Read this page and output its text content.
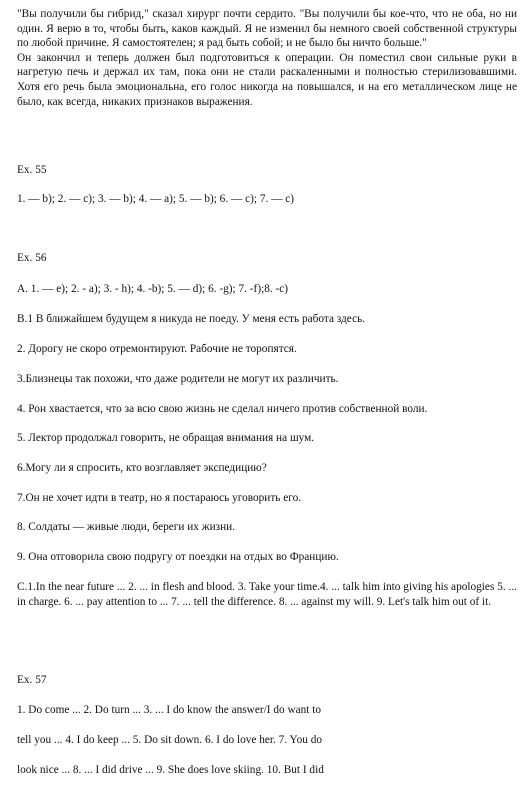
"Вы получили бы гибрид," сказал хирург почти сердито. "Вы получили бы кое-что, что не оба, но ни один. Я верю в то, чтобы быть, каков каждый. Я не изменил бы немного своей собственной структуры по любой причине. Я самостоятелен; я рад быть собой; и не было бы ничто больше."

Он закончил и теперь должен был подготовиться к операции. Он поместил свои сильные руки в нагретую печь и держал их там, пока они не стали раскаленными и полностью стерилизовавшими. Хотя его речь была эмоциональна, его голос никогда на повышался, и на его металлическом лице не было, как всегда, никаких признаков выражения.

Ex. 55
1. — b); 2. — c); 3. — b); 4. — a); 5. — b); 6. — c); 7. — c)
Ex. 56
A. 1. — e); 2. - a); 3. - h); 4. -b); 5. — d); 6. -g); 7. -f);8. -c)
B.1 В ближайшем будущем я никуда не поеду. У меня есть работа здесь.
2. Дорогу не скоро отремонтируют. Рабочие не торопятся.
3.Близнецы так похожи, что даже родители не могут их различить.
4. Рон хвастается, что за всю свою жизнь не сделал ничего против собственной воли.
5. Лектор продолжал говорить, не обращая внимания на шум.
6.Могу ли я спросить, кто возглавляет экспедицию?
7.Он не хочет идти в театр, но я постараюсь уговорить его.
8. Солдаты — живые люди, береги их жизни.
9. Она отговорила свою подругу от поездки на отдых во Францию.
C.1.In the near future ... 2. ... in flesh and blood. 3. Take your time.4. ... talk him into giving his apologies 5. ... in charge. 6. ... pay attention to ... 7. ... tell the difference. 8. ... against my will. 9. Let's talk him out of it.
Ex. 57
1. Do come ... 2. Do turn ... 3. ... I do know the answer/I do want to
tell you ... 4. I do keep ... 5. Do sit down. 6. I do love her. 7. You do
look nice ... 8. ... I did drive ... 9. She does love skiing. 10. But I did
